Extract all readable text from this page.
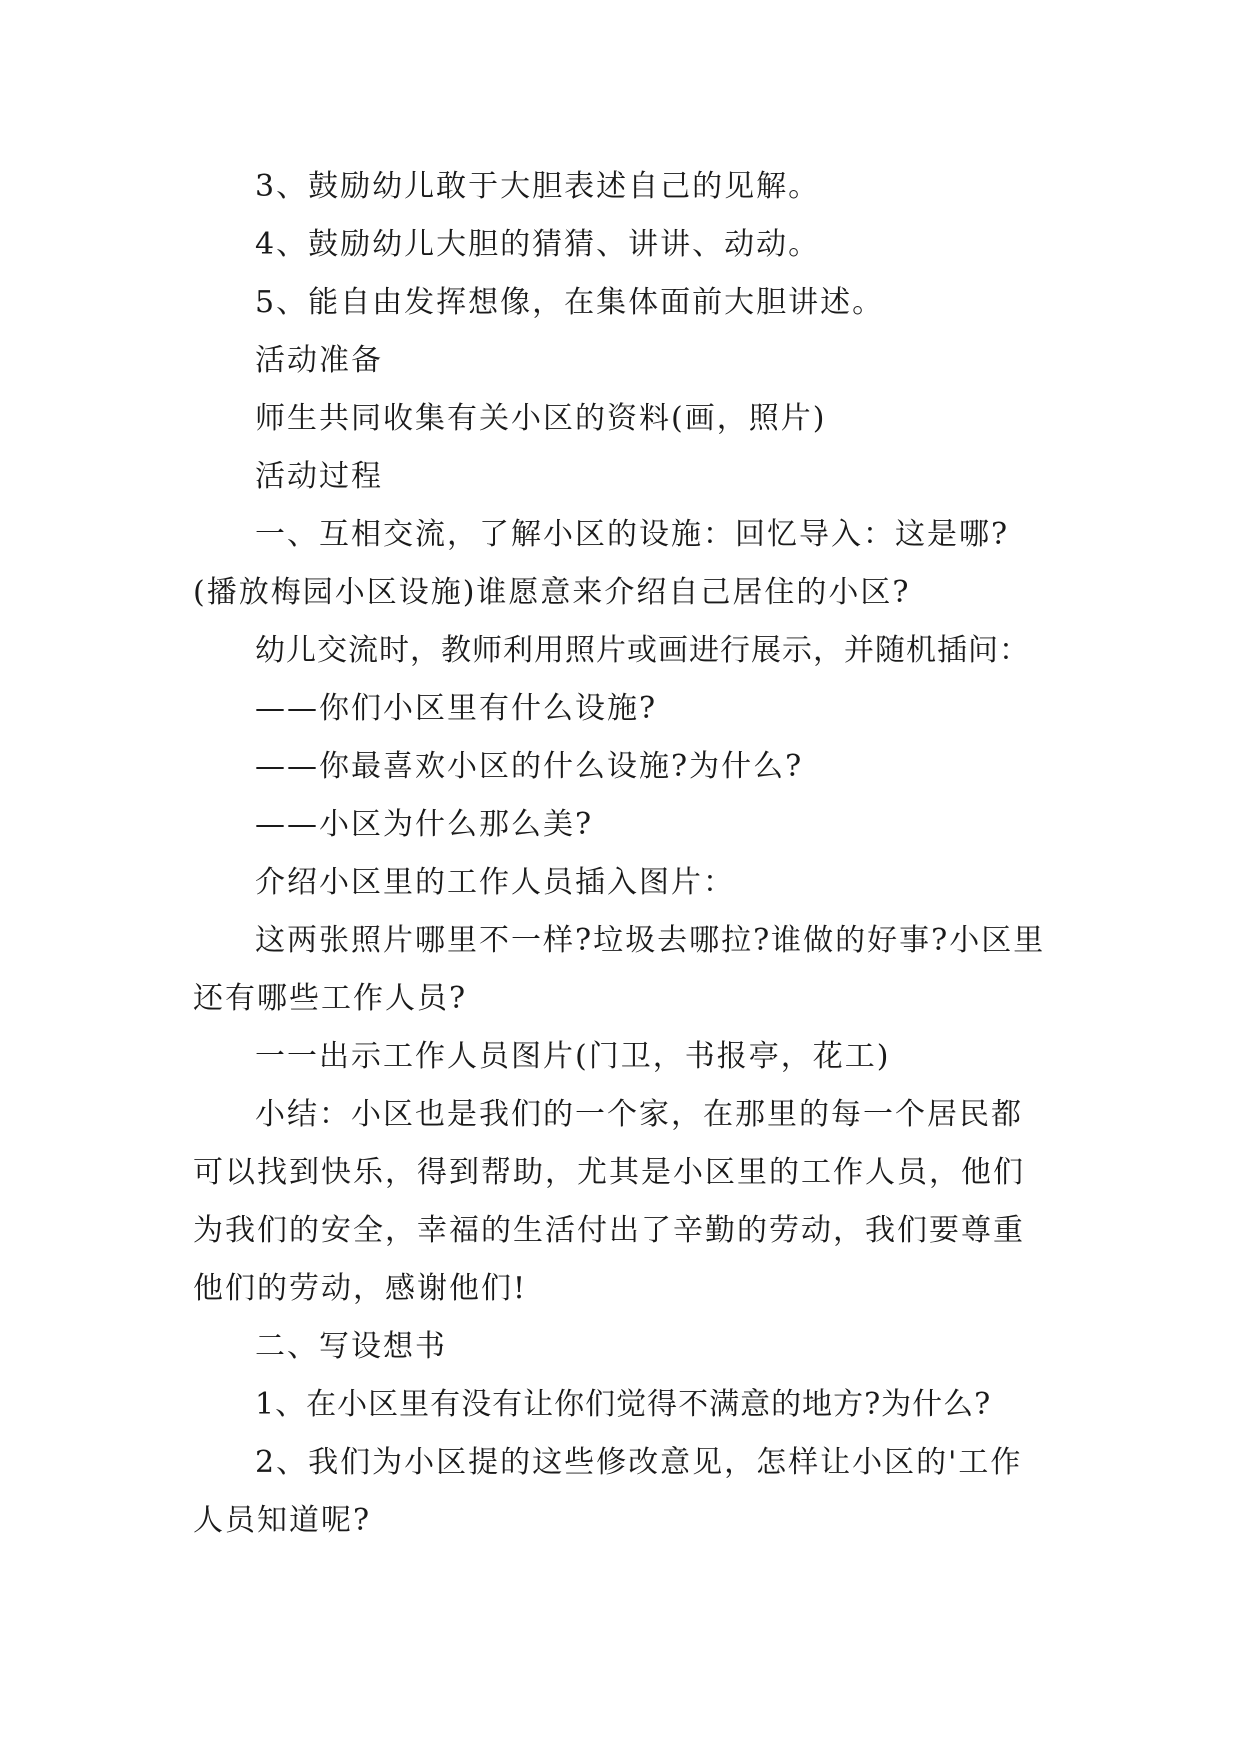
3、鼓励幼儿敢于大胆表述自己的见解。

4、鼓励幼儿大胆的猜猜、讲讲、动动。

5、能自由发挥想像，在集体面前大胆讲述。

活动准备

师生共同收集有关小区的资料(画，照片)

活动过程

一、互相交流，了解小区的设施：回忆导入：这是哪?(播放梅园小区设施)谁愿意来介绍自己居住的小区?

幼儿交流时，教师利用照片或画进行展示，并随机插问：

——你们小区里有什么设施?

——你最喜欢小区的什么设施?为什么?

——小区为什么那么美?

介绍小区里的工作人员插入图片：

这两张照片哪里不一样?垃圾去哪拉?谁做的好事?小区里还有哪些工作人员?

一一出示工作人员图片(门卫，书报亭，花工)

小结：小区也是我们的一个家，在那里的每一个居民都可以找到快乐，得到帮助，尤其是小区里的工作人员，他们为我们的安全，幸福的生活付出了辛勤的劳动，我们要尊重他们的劳动，感谢他们!

二、写设想书

1、在小区里有没有让你们觉得不满意的地方?为什么?

2、我们为小区提的这些修改意见，怎样让小区的'工作人员知道呢?
